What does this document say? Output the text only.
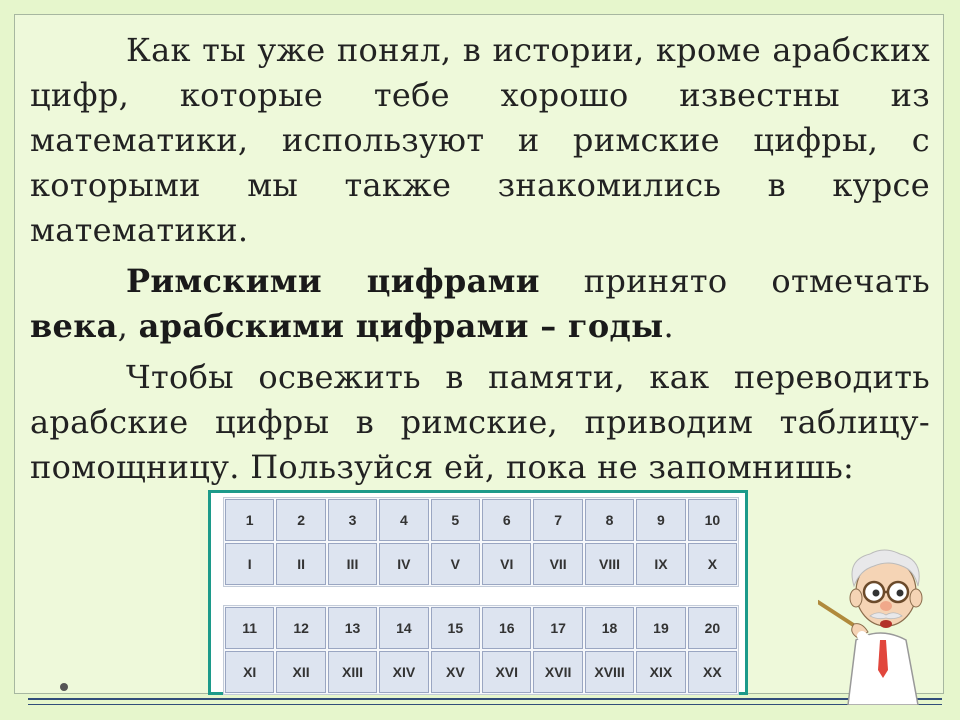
Как ты уже понял, в истории, кроме арабских цифр, которые тебе хорошо известны из математики, используют и римские цифры, с которыми мы также знакомились в курсе математики.

Римскими цифрами принято отмечать века, арабскими цифрами – годы.

Чтобы освежить в памяти, как переводить арабские цифры в римские, приводим таблицу-помощницу. Пользуйся ей, пока не запомнишь:

1	2	3	4	5	6	7	8	9	10
I	II	III	IV	V	VI	VII	VIII	IX	X
11	12	13	14	15	16	17	18	19	20
XI	XII	XIII	XIV	XV	XVI	XVII	XVIII	XIX	XX
